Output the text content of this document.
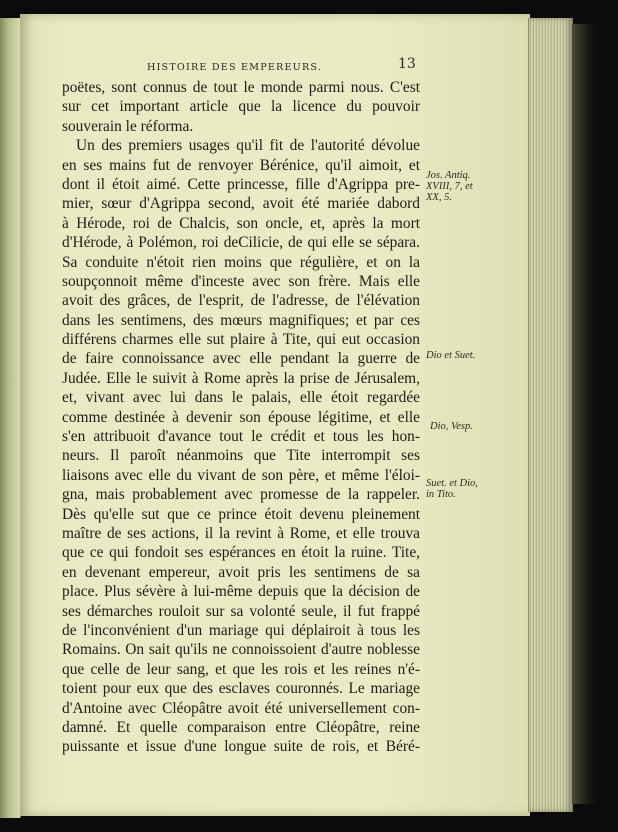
HISTOIRE DES EMPEREURS.	13
poëtes, sont connus de tout le monde parmi nous. C'est
sur cet important article que la licence du pouvoir
souverain le réforma.
Un des premiers usages qu'il fit de l'autorité dévolue
en ses mains fut de renvoyer Bérénice, qu'il aimoit, et
dont il étoit aimé. Cette princesse, fille d'Agrippa pre-
mier, sœur d'Agrippa second, avoit été mariée dabord
à Hérode, roi de Chalcis, son oncle, et, après la mort
d'Hérode, à Polémon, roi deCilicie, de qui elle se sépara.
Sa conduite n'étoit rien moins que régulière, et on la
soupçonnoit même d'inceste avec son frère. Mais elle
avoit des grâces, de l'esprit, de l'adresse, de l'élévation
dans les sentimens, des mœurs magnifiques; et par ces
différens charmes elle sut plaire à Tite, qui eut occasion
de faire connoissance avec elle pendant la guerre de
Judée. Elle le suivit à Rome après la prise de Jérusalem,
et, vivant avec lui dans le palais, elle étoit regardée
comme destinée à devenir son épouse légitime, et elle
s'en attribuoit d'avance tout le crédit et tous les hon-
neurs. Il paroît néanmoins que Tite interrompit ses
liaisons avec elle du vivant de son père, et même l'éloi-
gna, mais probablement avec promesse de la rappeler.
Dès qu'elle sut que ce prince étoit devenu pleinement
maître de ses actions, il la revint à Rome, et elle trouva
que ce qui fondoit ses espérances en étoit la ruine. Tite,
en devenant empereur, avoit pris les sentimens de sa
place. Plus sévère à lui-même depuis que la décision de
ses démarches rouloit sur sa volonté seule, il fut frappé
de l'inconvénient d'un mariage qui déplairoit à tous les
Romains. On sait qu'ils ne connoissoient d'autre noblesse
que celle de leur sang, et que les rois et les reines n'é-
toient pour eux que des esclaves couronnés. Le mariage
d'Antoine avec Cléopâtre avoit été universellement con-
damné. Et quelle comparaison entre Cléopâtre, reine
puissante et issue d'une longue suite de rois, et Béré-
Jos. Antiq.
XVIII, 7, et
XX, 5.
Dio et Suet.
Dio, Vesp.
Suet. et Dio,
in Tito.
